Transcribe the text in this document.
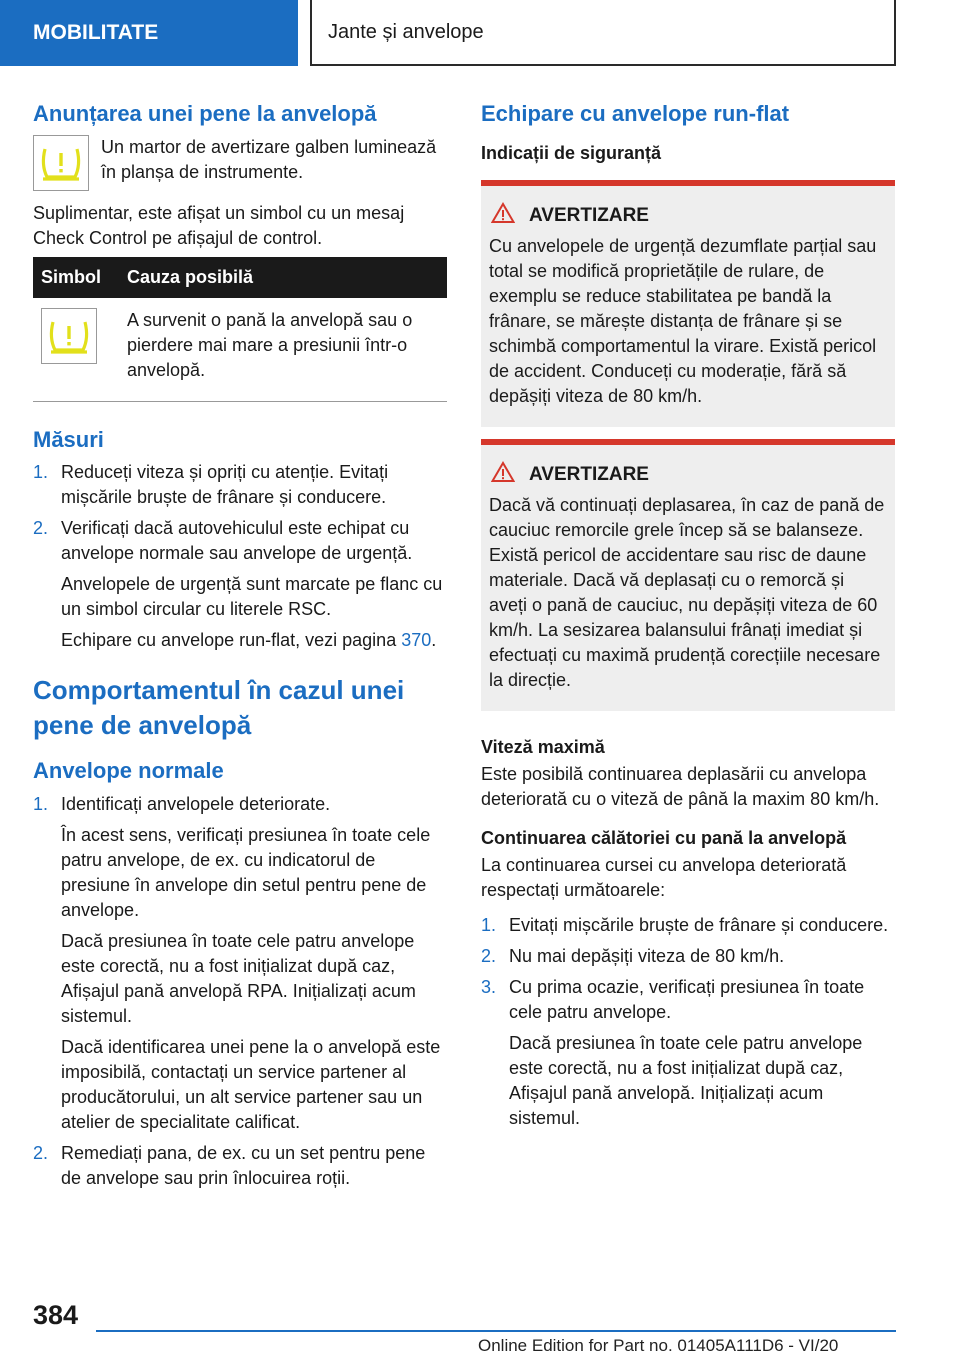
MOBILITATE	Jante și anvelope
Anunțarea unei pene la anvelopă

Un martor de avertizare galben luminează în planșa de instrumente.

Suplimentar, este afișat un simbol cu un mesaj Check Control pe afișajul de control.

Simbol	Cauza posibilă

	A survenit o pană la anvelopă sau o pierdere mai mare a presiunii într-o anvelopă.
Măsuri
1. Reduceți viteza și opriți cu atenție. Evitați mișcările bruște de frânare și conducere.
2. Verificați dacă autovehiculul este echipat cu anvelope normale sau anvelope de urgență.
Anvelopele de urgență sunt marcate pe flanc cu un simbol circular cu literele RSC.
Echipare cu anvelope run-flat, vezi pagina 370.
Comportamentul în cazul unei pene de anvelopă
Anvelope normale
1. Identificați anvelopele deteriorate.
În acest sens, verificați presiunea în toate cele patru anvelope, de ex. cu indicatorul de presiune în anvelope din setul pentru pene de anvelope.
Dacă presiunea în toate cele patru anvelope este corectă, nu a fost inițializat după caz, Afișajul pană anvelopă RPA. Inițializați acum sistemul.
Dacă identificarea unei pene la o anvelopă este imposibilă, contactați un service partener al producătorului, un alt service partener sau un atelier de specialitate calificat.
2. Remediați pana, de ex. cu un set pentru pene de anvelope sau prin înlocuirea roții.
Echipare cu anvelope run-flat
Indicații de siguranță
AVERTIZARE

Cu anvelopele de urgență dezumflate parțial sau total se modifică proprietățile de rulare, de exemplu se reduce stabilitatea pe bandă la frânare, se mărește distanța de frânare și se schimbă comportamentul la virare. Există pericol de accident. Conduceți cu moderație, fără să depășiți viteza de 80 km/h.

AVERTIZARE

Dacă vă continuați deplasarea, în caz de pană de cauciuc remorcile grele încep să se balanseze. Există pericol de accidentare sau risc de daune materiale. Dacă vă deplasați cu o remorcă și aveți o pană de cauciuc, nu depășiți viteza de 60 km/h. La sesizarea balansului frânați imediat și efectuați cu maximă prudență corecțiile necesare la direcție.

Viteză maximă

Este posibilă continuarea deplasării cu anvelopa deteriorată cu o viteză de până la maxim 80 km/h.

Continuarea călătoriei cu pană la anvelopă

La continuarea cursei cu anvelopa deteriorată respectați următoarele:

1. Evitați mișcările bruște de frânare și conducere.
2. Nu mai depășiți viteza de 80 km/h.
3. Cu prima ocazie, verificați presiunea în toate cele patru anvelope.
Dacă presiunea în toate cele patru anvelope este corectă, nu a fost inițializat după caz, Afișajul pană anvelopă. Inițializați acum sistemul.
384
Online Edition for Part no. 01405A111D6 - VI/20
